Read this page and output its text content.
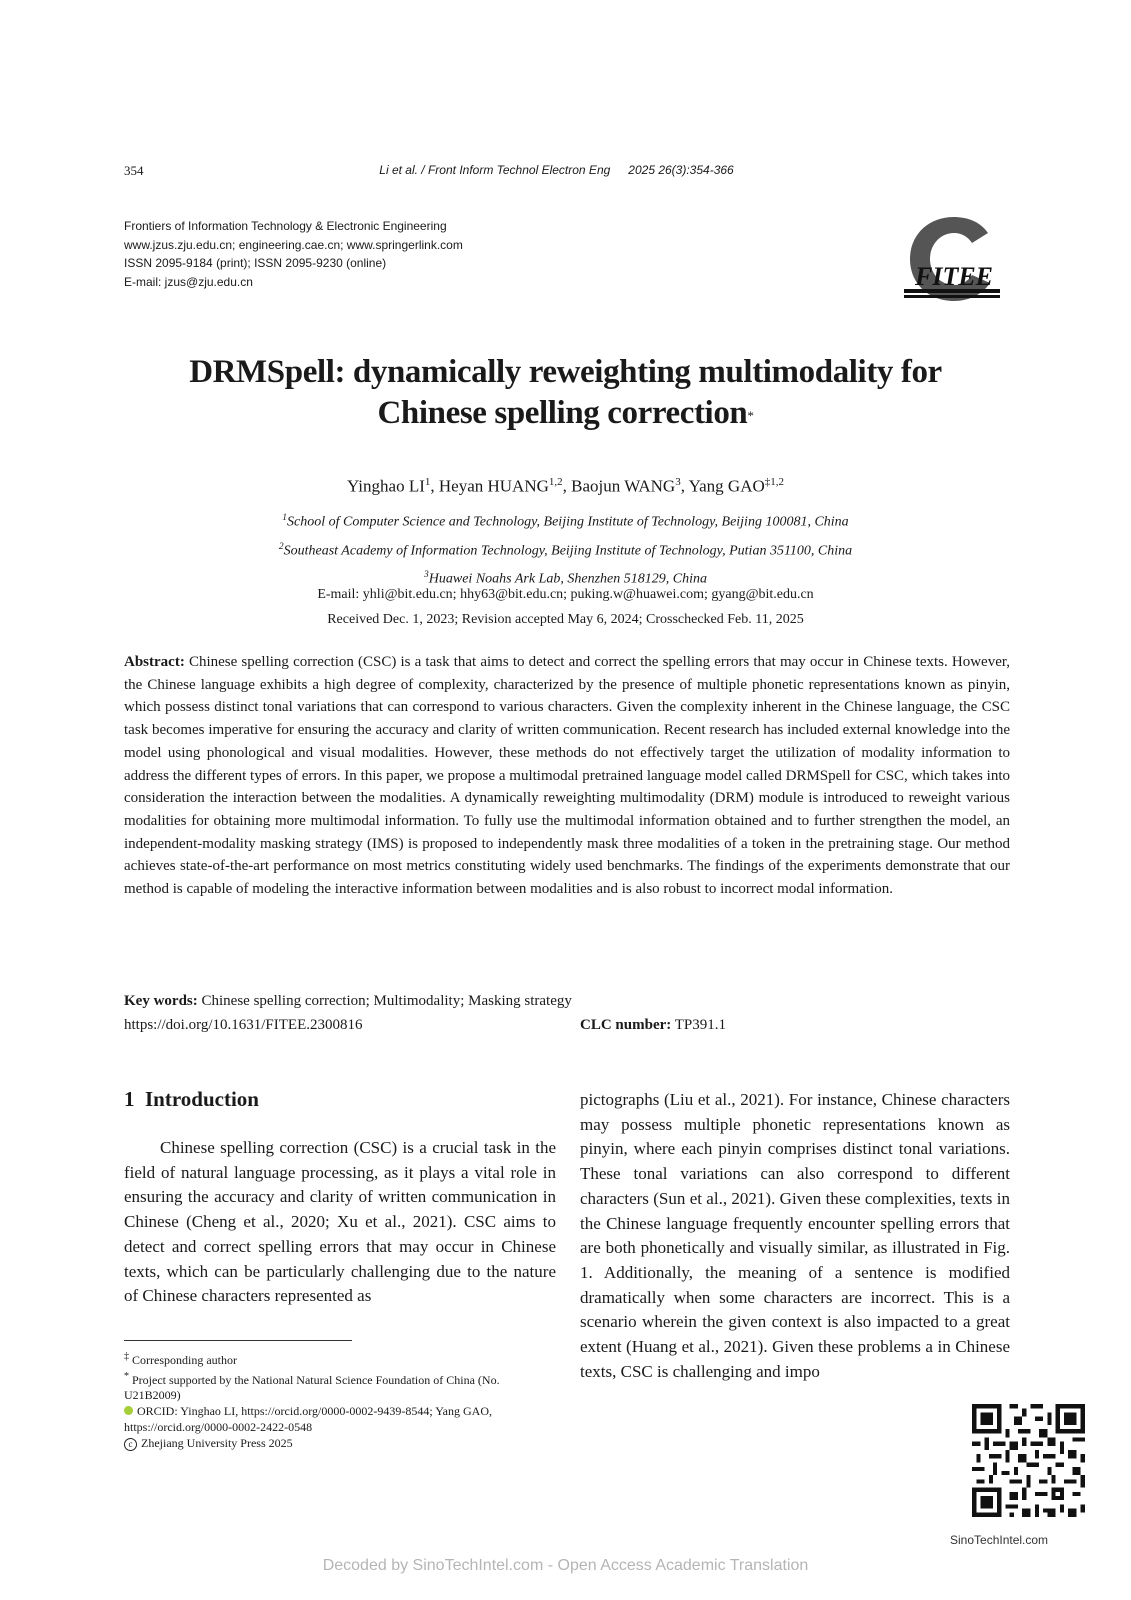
354	Li et al. / Front Inform Technol Electron Eng 2025 26(3):354-366
Frontiers of Information Technology & Electronic Engineering
www.jzus.zju.edu.cn; engineering.cae.cn; www.springerlink.com
ISSN 2095-9184 (print); ISSN 2095-9230 (online)
E-mail: jzus@zju.edu.cn	FITEE
DRMSpell: dynamically reweighting multimodality for
Chinese spelling correction*
Yinghao $LI^1$, Heyan HUANG$^{1,2}$, Baojun WANG$^3$, Yang GAO$^{\ddagger 1,2}$
$^1$School of Computer Science and Technology, Beijing Institute of Technology, Beijing 100081, China
$^2$Southeast Academy of Information Technology, Beijing Institute of Technology, Putian 351100, China
$^3$Huawei Noahs Ark Lab, Shenzhen 518129, China
E-mail: yhli@bit.edu.cn; hhy63@bit.edu.cn; puking.w@huawei.com; gyang@bit.edu.cn
Received Dec. 1, 2023; Revision accepted May 6, 2024; Crosschecked Feb. 11, 2025
Abstract: Chinese spelling correction (CSC) is a task that aims to detect and correct the spelling errors that may occur in Chinese texts. However, the Chinese language exhibits a high degree of complexity, characterized by the presence of multiple phonetic representations known as pinyin, which possess distinct tonal variations that can correspond to various characters. Given the complexity inherent in the Chinese language, the CSC task becomes imperative for ensuring the accuracy and clarity of written communication. Recent research has included external knowledge into the model using phonological and visual modalities. However, these methods do not effectively target the utilization of modality information to address the different types of errors. In this paper, we propose a multimodal pretrained language model called DRMSpell for CSC, which takes into consideration the interaction between the modalities. A dynamically reweighting multimodality (DRM) module is introduced to reweight various modalities for obtaining more multimodal information. To fully use the multimodal information obtained and to further strengthen the model, an independent-modality masking strategy (IMS) is proposed to independently mask three modalities of a token in the pretraining stage. Our method achieves state-of-the-art performance on most metrics constituting widely used benchmarks. The findings of the experiments demonstrate that our method is capable of modeling the interactive information between modalities and is also robust to incorrect modal information.
Key words: Chinese spelling correction; Multimodality; Masking strategy
https://doi.org/10.1631/FITEE.2300816	CLC number: TP391.1
1 Introduction
Chinese spelling correction (CSC) is a crucial task in the field of natural language processing, as it plays a vital role in ensuring the accuracy and clarity of written communication in Chinese (Cheng et al., 2020; Xu et al., 2021). CSC aims to detect and correct spelling errors that may occur in Chinese texts, which can be particularly challenging due to the nature of Chinese characters represented as
pictographs (Liu et al., 2021). For instance, Chinese characters may possess multiple phonetic representations known as pinyin, where each pinyin comprises distinct tonal variations. These tonal variations can also correspond to different characters (Sun et al., 2021). Given these complexities, texts in the Chinese language frequently encounter spelling errors that are both phonetically and visually similar, as illustrated in Fig. 1. Additionally, the meaning of a sentence is modified dramatically when some characters are incorrect. This is a scenario wherein the given context is also impacted to a great extent (Huang et al., 2021). Given these problems a in Chinese texts, CSC is challenging and impo
‡ Corresponding author
* Project supported by the National Natural Science Foundation of China (No. U21B2009)
ORCID: Yinghao LI, https://orcid.org/0000-0002-9439-8544; Yang GAO, https://orcid.org/0000-0002-2422-0548
c Zhejiang University Press 2025
SinoTechIntel.com
Decoded by SinoTechIntel.com - Open Access Academic Translation
